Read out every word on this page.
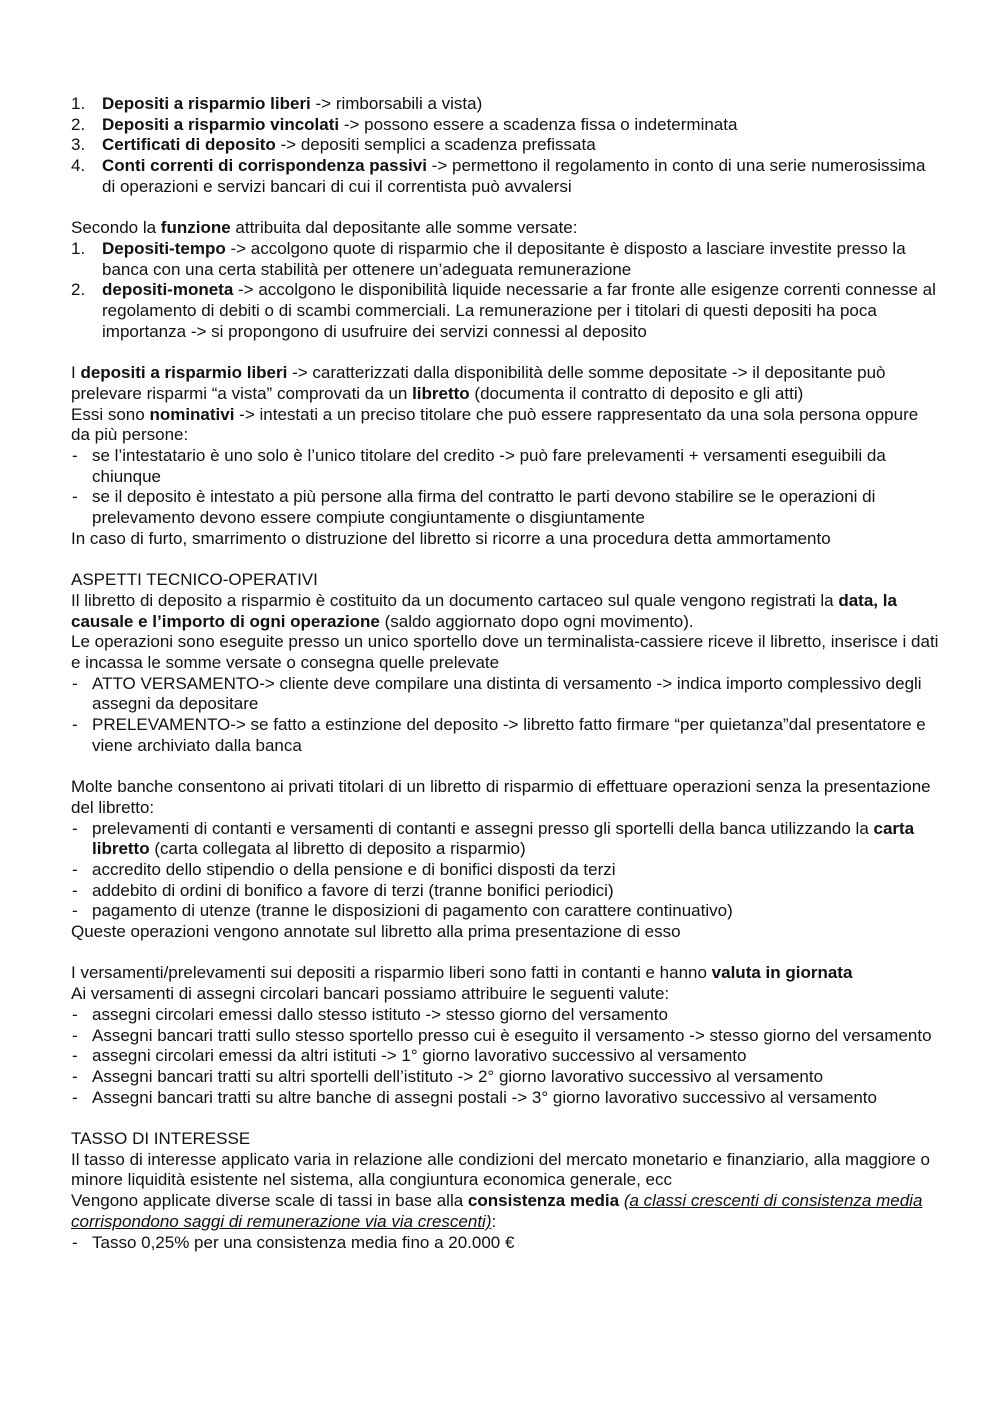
1. Depositi a risparmio liberi -> rimborsabili a vista)
2. Depositi a risparmio vincolati -> possono essere a scadenza fissa o indeterminata
3. Certificati di deposito -> depositi semplici a scadenza prefissata
4. Conti correnti di corrispondenza passivi -> permettono il regolamento in conto di una serie numerosissima di operazioni e servizi bancari di cui il correntista può avvalersi

Secondo la funzione attribuita dal depositante alle somme versate:

1. Depositi-tempo -> accolgono quote di risparmio che il depositante è disposto a lasciare investite presso la banca con una certa stabilità per ottenere un’adeguata remunerazione
2. depositi-moneta -> accolgono le disponibilità liquide necessarie a far fronte alle esigenze correnti connesse al regolamento di debiti o di scambi commerciali. La remunerazione per i titolari di questi depositi ha poca importanza -> si propongono di usufruire dei servizi connessi al deposito

I depositi a risparmio liberi -> caratterizzati dalla disponibilità delle somme depositate -> il depositante può prelevare risparmi “a vista” comprovati da un libretto (documenta il contratto di deposito e gli atti)

Essi sono nominativi -> intestati a un preciso titolare che può essere rappresentato da una sola persona oppure da più persone:

- se l’intestatario è uno solo è l’unico titolare del credito -> può fare prelevamenti + versamenti eseguibili da chiunque
- se il deposito è intestato a più persone alla firma del contratto le parti devono stabilire se le operazioni di prelevamento devono essere compiute congiuntamente o disgiuntamente

In caso di furto, smarrimento o distruzione del libretto si ricorre a una procedura detta ammortamento

ASPETTI TECNICO-OPERATIVI

Il libretto di deposito a risparmio è costituito da un documento cartaceo sul quale vengono registrati la data, la causale e l’importo di ogni operazione (saldo aggiornato dopo ogni movimento).

Le operazioni sono eseguite presso un unico sportello dove un terminalista-cassiere riceve il libretto, inserisce i dati e incassa le somme versate o consegna quelle prelevate

- ATTO VERSAMENTO-> cliente deve compilare una distinta di versamento -> indica importo complessivo degli assegni da depositare
- PRELEVAMENTO-> se fatto a estinzione del deposito -> libretto fatto firmare “per quietanza”dal presentatore e viene archiviato dalla banca

Molte banche consentono ai privati titolari di un libretto di risparmio di effettuare operazioni senza la presentazione del libretto:

- prelevamenti di contanti e versamenti di contanti e assegni presso gli sportelli della banca utilizzando la carta libretto (carta collegata al libretto di deposito a risparmio)
- accredito dello stipendio o della pensione e di bonifici disposti da terzi
- addebito di ordini di bonifico a favore di terzi (tranne bonifici periodici)
- pagamento di utenze (tranne le disposizioni di pagamento con carattere continuativo)

Queste operazioni vengono annotate sul libretto alla prima presentazione di esso

I versamenti/prelevamenti sui depositi a risparmio liberi sono fatti in contanti e hanno valuta in giornata

Ai versamenti di assegni circolari bancari possiamo attribuire le seguenti valute:

- assegni circolari emessi dallo stesso istituto -> stesso giorno del versamento
- Assegni bancari tratti sullo stesso sportello presso cui è eseguito il versamento -> stesso giorno del versamento
- assegni circolari emessi da altri istituti -> 1° giorno lavorativo successivo al versamento
- Assegni bancari tratti su altri sportelli dell’istituto -> 2° giorno lavorativo successivo al versamento
- Assegni bancari tratti su altre banche di assegni postali -> 3° giorno lavorativo successivo al versamento

TASSO DI INTERESSE

Il tasso di interesse applicato varia in relazione alle condizioni del mercato monetario e finanziario, alla maggiore o minore liquidità esistente nel sistema, alla congiuntura economica generale, ecc

Vengono applicate diverse scale di tassi in base alla consistenza media (a classi crescenti di consistenza media corrispondono saggi di remunerazione via via crescenti):

- Tasso 0,25% per una consistenza media fino a 20.000 €
